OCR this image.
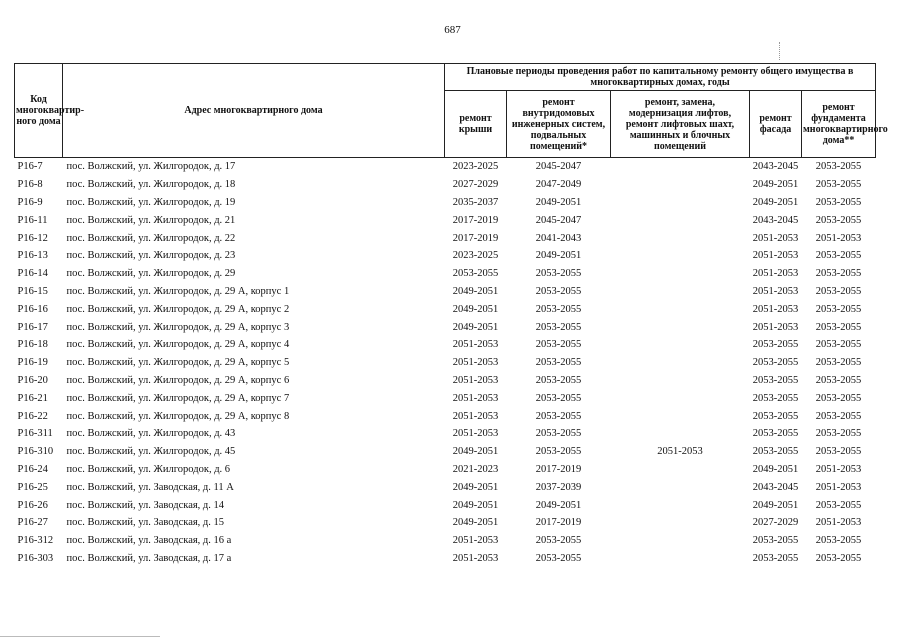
687
Код многоквартир-ного дома	Адрес многоквартирного дома	Плановые периоды проведения работ по капитальному ремонту общего имущества в многоквартирных домах, годы				
		ремонт крыши	ремонт внутридомовых инженерных систем, подвальных помещений*	ремонт, замена, модернизация лифтов, ремонт лифтовых шахт, машинных и блочных помещений	ремонт фасада	ремонт фундамента многоквартирного дома**
Р16-7	пос. Волжский, ул. Жилгородок, д. 17	2023-2025	2045-2047		2043-2045	2053-2055
Р16-8	пос. Волжский, ул. Жилгородок, д. 18	2027-2029	2047-2049		2049-2051	2053-2055
Р16-9	пос. Волжский, ул. Жилгородок, д. 19	2035-2037	2049-2051		2049-2051	2053-2055
Р16-11	пос. Волжский, ул. Жилгородок, д. 21	2017-2019	2045-2047		2043-2045	2053-2055
Р16-12	пос. Волжский, ул. Жилгородок, д. 22	2017-2019	2041-2043		2051-2053	2051-2053
Р16-13	пос. Волжский, ул. Жилгородок, д. 23	2023-2025	2049-2051		2051-2053	2053-2055
Р16-14	пос. Волжский, ул. Жилгородок, д. 29	2053-2055	2053-2055		2051-2053	2053-2055
Р16-15	пос. Волжский, ул. Жилгородок, д. 29 А, корпус 1	2049-2051	2053-2055		2051-2053	2053-2055
Р16-16	пос. Волжский, ул. Жилгородок, д. 29 А, корпус 2	2049-2051	2053-2055		2051-2053	2053-2055
Р16-17	пос. Волжский, ул. Жилгородок, д. 29 А, корпус 3	2049-2051	2053-2055		2051-2053	2053-2055
Р16-18	пос. Волжский, ул. Жилгородок, д. 29 А, корпус 4	2051-2053	2053-2055		2053-2055	2053-2055
Р16-19	пос. Волжский, ул. Жилгородок, д. 29 А, корпус 5	2051-2053	2053-2055		2053-2055	2053-2055
Р16-20	пос. Волжский, ул. Жилгородок, д. 29 А, корпус 6	2051-2053	2053-2055		2053-2055	2053-2055
Р16-21	пос. Волжский, ул. Жилгородок, д. 29 А, корпус 7	2051-2053	2053-2055		2053-2055	2053-2055
Р16-22	пос. Волжский, ул. Жилгородок, д. 29 А, корпус 8	2051-2053	2053-2055		2053-2055	2053-2055
Р16-311	пос. Волжский, ул. Жилгородок, д. 43	2051-2053	2053-2055		2053-2055	2053-2055
Р16-310	пос. Волжский, ул. Жилгородок, д. 45	2049-2051	2053-2055	2051-2053	2053-2055	2053-2055
Р16-24	пос. Волжский, ул. Жилгородок, д. 6	2021-2023	2017-2019		2049-2051	2051-2053
Р16-25	пос. Волжский, ул. Заводская, д. 11 А	2049-2051	2037-2039		2043-2045	2051-2053
Р16-26	пос. Волжский, ул. Заводская, д. 14	2049-2051	2049-2051		2049-2051	2053-2055
Р16-27	пос. Волжский, ул. Заводская, д. 15	2049-2051	2017-2019		2027-2029	2051-2053
Р16-312	пос. Волжский, ул. Заводская, д. 16 а	2051-2053	2053-2055		2053-2055	2053-2055
Р16-303	пос. Волжский, ул. Заводская, д. 17 а	2051-2053	2053-2055		2053-2055	2053-2055
